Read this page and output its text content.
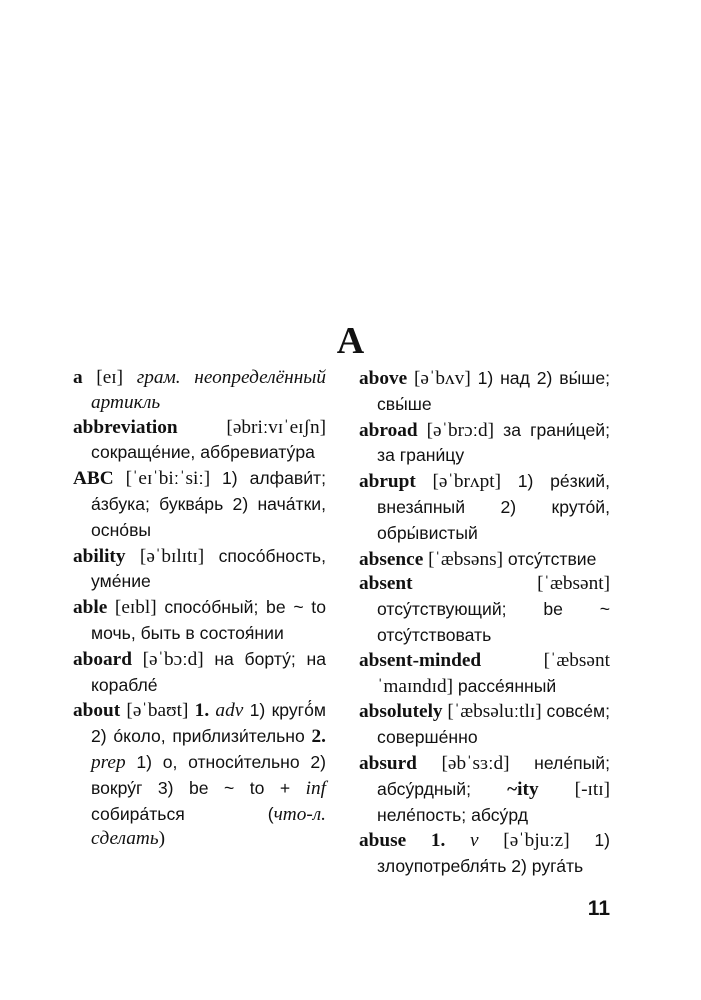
A
a [eɪ] грам. неопределённый артикль
abbreviation [əbriːvɪˈeɪʃn] сокраще́ние, аббревиату́ра
ABC [ˈeɪˈbiːˈsiː] 1) алфави́т; а́збука; буква́рь 2) нача́тки, осно́вы
ability [əˈbɪlɪtɪ] спосо́бность, уме́ние
able [eɪbl] спосо́бный; be ~ to мочь, быть в состоя́нии
aboard [əˈbɔːd] на борту́; на корабле́
about [əˈbaʊt] 1. adv 1) кругó́м 2) óколо, приблизи́тельно 2. prep 1) о, относи́тельно 2) вокру́г 3) be ~ to + inf собира́ться (что-л. сделать)
above [əˈbʌv] 1) над 2) вы́ше; свы́ше
abroad [əˈbrɔːd] за грани́цей; за грани́цу
abrupt [əˈbrʌpt] 1) ре́зкий, внеза́пный 2) круто́й, обры́вистый
absence [ˈæbsəns] отсу́тствие
absent [ˈæbsənt] отсу́тствующий; be ~ отсу́тствовать
absent-minded [ˈæbsəntˈmaɪndɪd] рассе́янный
absolutely [ˈæbsəluːtlɪ] совсе́м; соверше́нно
absurd [əbˈsɜːd] неле́пый; абсу́рдный; ~ity [-ɪtɪ] неле́пость; абсу́рд
abuse 1. v [əˈbjuːz] 1) злоупотребля́ть 2) руга́ть
11
